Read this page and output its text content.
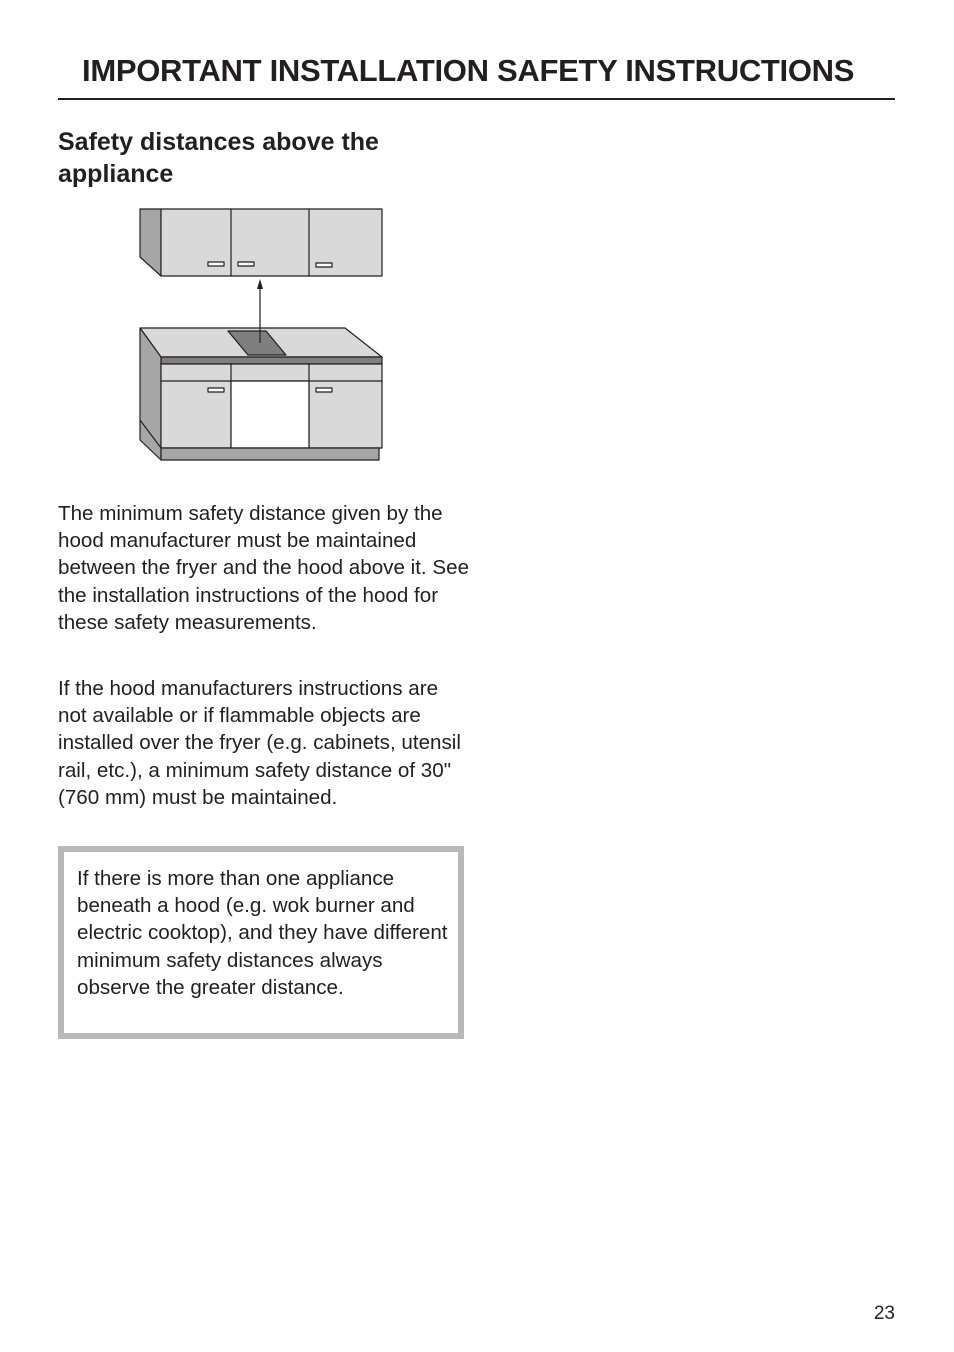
IMPORTANT INSTALLATION SAFETY INSTRUCTIONS
Safety distances above the appliance

The minimum safety distance given by the hood manufacturer must be maintained between the fryer and the hood above it. See the installation instructions of the hood for these safety measurements.

If the hood manufacturers instructions are not available or if flammable objects are installed over the fryer (e.g. cabinets, utensil rail, etc.), a minimum safety distance of 30" (760 mm) must be maintained.

If there is more than one appliance beneath a hood (e.g. wok burner and electric cooktop), and they have different minimum safety distances always observe the greater distance.

23
